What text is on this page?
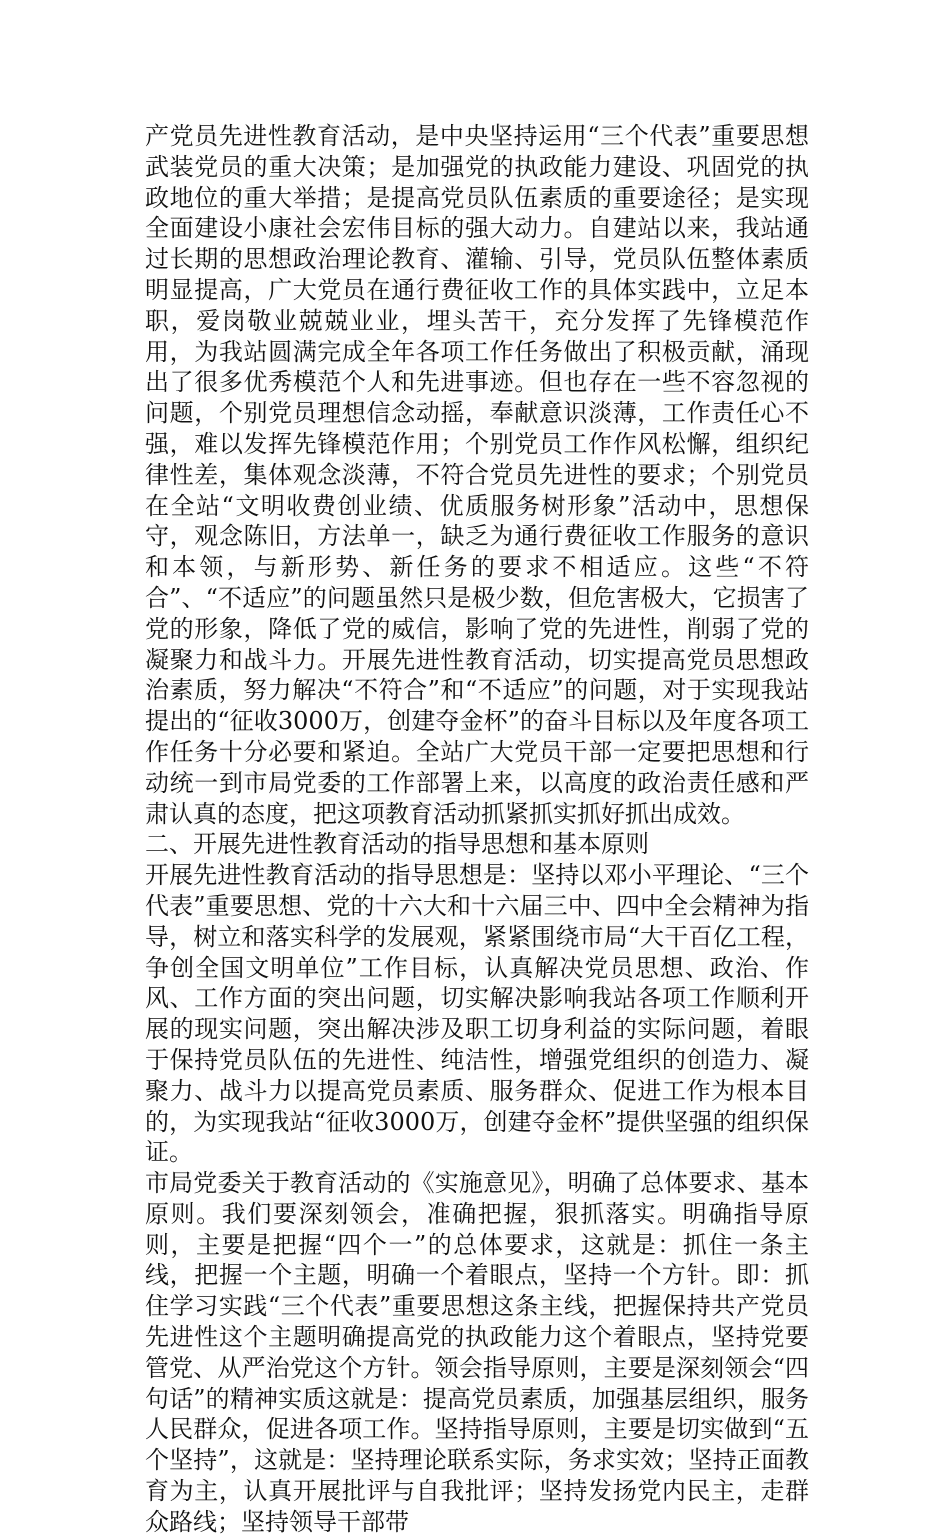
产党员先进性教育活动，是中央坚持运用“三个代表”重要思想武装党员的重大决策；是加强党的执政能力建设、巩固党的执政地位的重大举措；是提高党员队伍素质的重要途径；是实现全面建设小康社会宏伟目标的强大动力。自建站以来，我站通过长期的思想政治理论教育、灌输、引导，党员队伍整体素质明显提高，广大党员在通行费征收工作的具体实践中，立足本职，爱岗敬业兢兢业业，埋头苦干，充分发挥了先锋模范作用，为我站圆满完成全年各项工作任务做出了积极贡献，涌现出了很多优秀模范个人和先进事迹。但也存在一些不容忽视的问题，个别党员理想信念动摇，奉献意识淡薄，工作责任心不强，难以发挥先锋模范作用；个别党员工作作风松懈，组织纪律性差，集体观念淡薄，不符合党员先进性的要求；个别党员在全站“文明收费创业绩、优质服务树形象”活动中，思想保守，观念陈旧，方法单一，缺乏为通行费征收工作服务的意识和本领，与新形势、新任务的要求不相适应。这些“不符合”、“不适应”的问题虽然只是极少数，但危害极大，它损害了党的形象，降低了党的威信，影响了党的先进性，削弱了党的凝聚力和战斗力。开展先进性教育活动，切实提高党员思想政治素质，努力解决“不符合”和“不适应”的问题，对于实现我站提出的“征收3000万，创建夺金杯”的奋斗目标以及年度各项工作任务十分必要和紧迫。全站广大党员干部一定要把思想和行动统一到市局党委的工作部署上来，以高度的政治责任感和严肃认真的态度，把这项教育活动抓紧抓实抓好抓出成效。

二、开展先进性教育活动的指导思想和基本原则

开展先进性教育活动的指导思想是：坚持以邓小平理论、“三个代表”重要思想、党的十六大和十六届三中、四中全会精神为指导，树立和落实科学的发展观，紧紧围绕市局“大干百亿工程，争创全国文明单位”工作目标，认真解决党员思想、政治、作风、工作方面的突出问题，切实解决影响我站各项工作顺利开展的现实问题，突出解决涉及职工切身利益的实际问题，着眼于保持党员队伍的先进性、纯洁性，增强党组织的创造力、凝聚力、战斗力以提高党员素质、服务群众、促进工作为根本目的，为实现我站“征收3000万，创建夺金杯”提供坚强的组织保证。

市局党委关于教育活动的《实施意见》，明确了总体要求、基本原则。我们要深刻领会，准确把握，狠抓落实。明确指导原则，主要是把握“四个一”的总体要求，这就是：抓住一条主线，把握一个主题，明确一个着眼点，坚持一个方针。即：抓住学习实践“三个代表”重要思想这条主线，把握保持共产党员先进性这个主题明确提高党的执政能力这个着眼点，坚持党要管党、从严治党这个方针。领会指导原则，主要是深刻领会“四句话”的精神实质这就是：提高党员素质，加强基层组织，服务人民群众，促进各项工作。坚持指导原则，主要是切实做到“五个坚持”，这就是：坚持理论联系实际，务求实效；坚持正面教育为主，认真开展批评与自我批评；坚持发扬党内民主，走群众路线；坚持领导干部带
